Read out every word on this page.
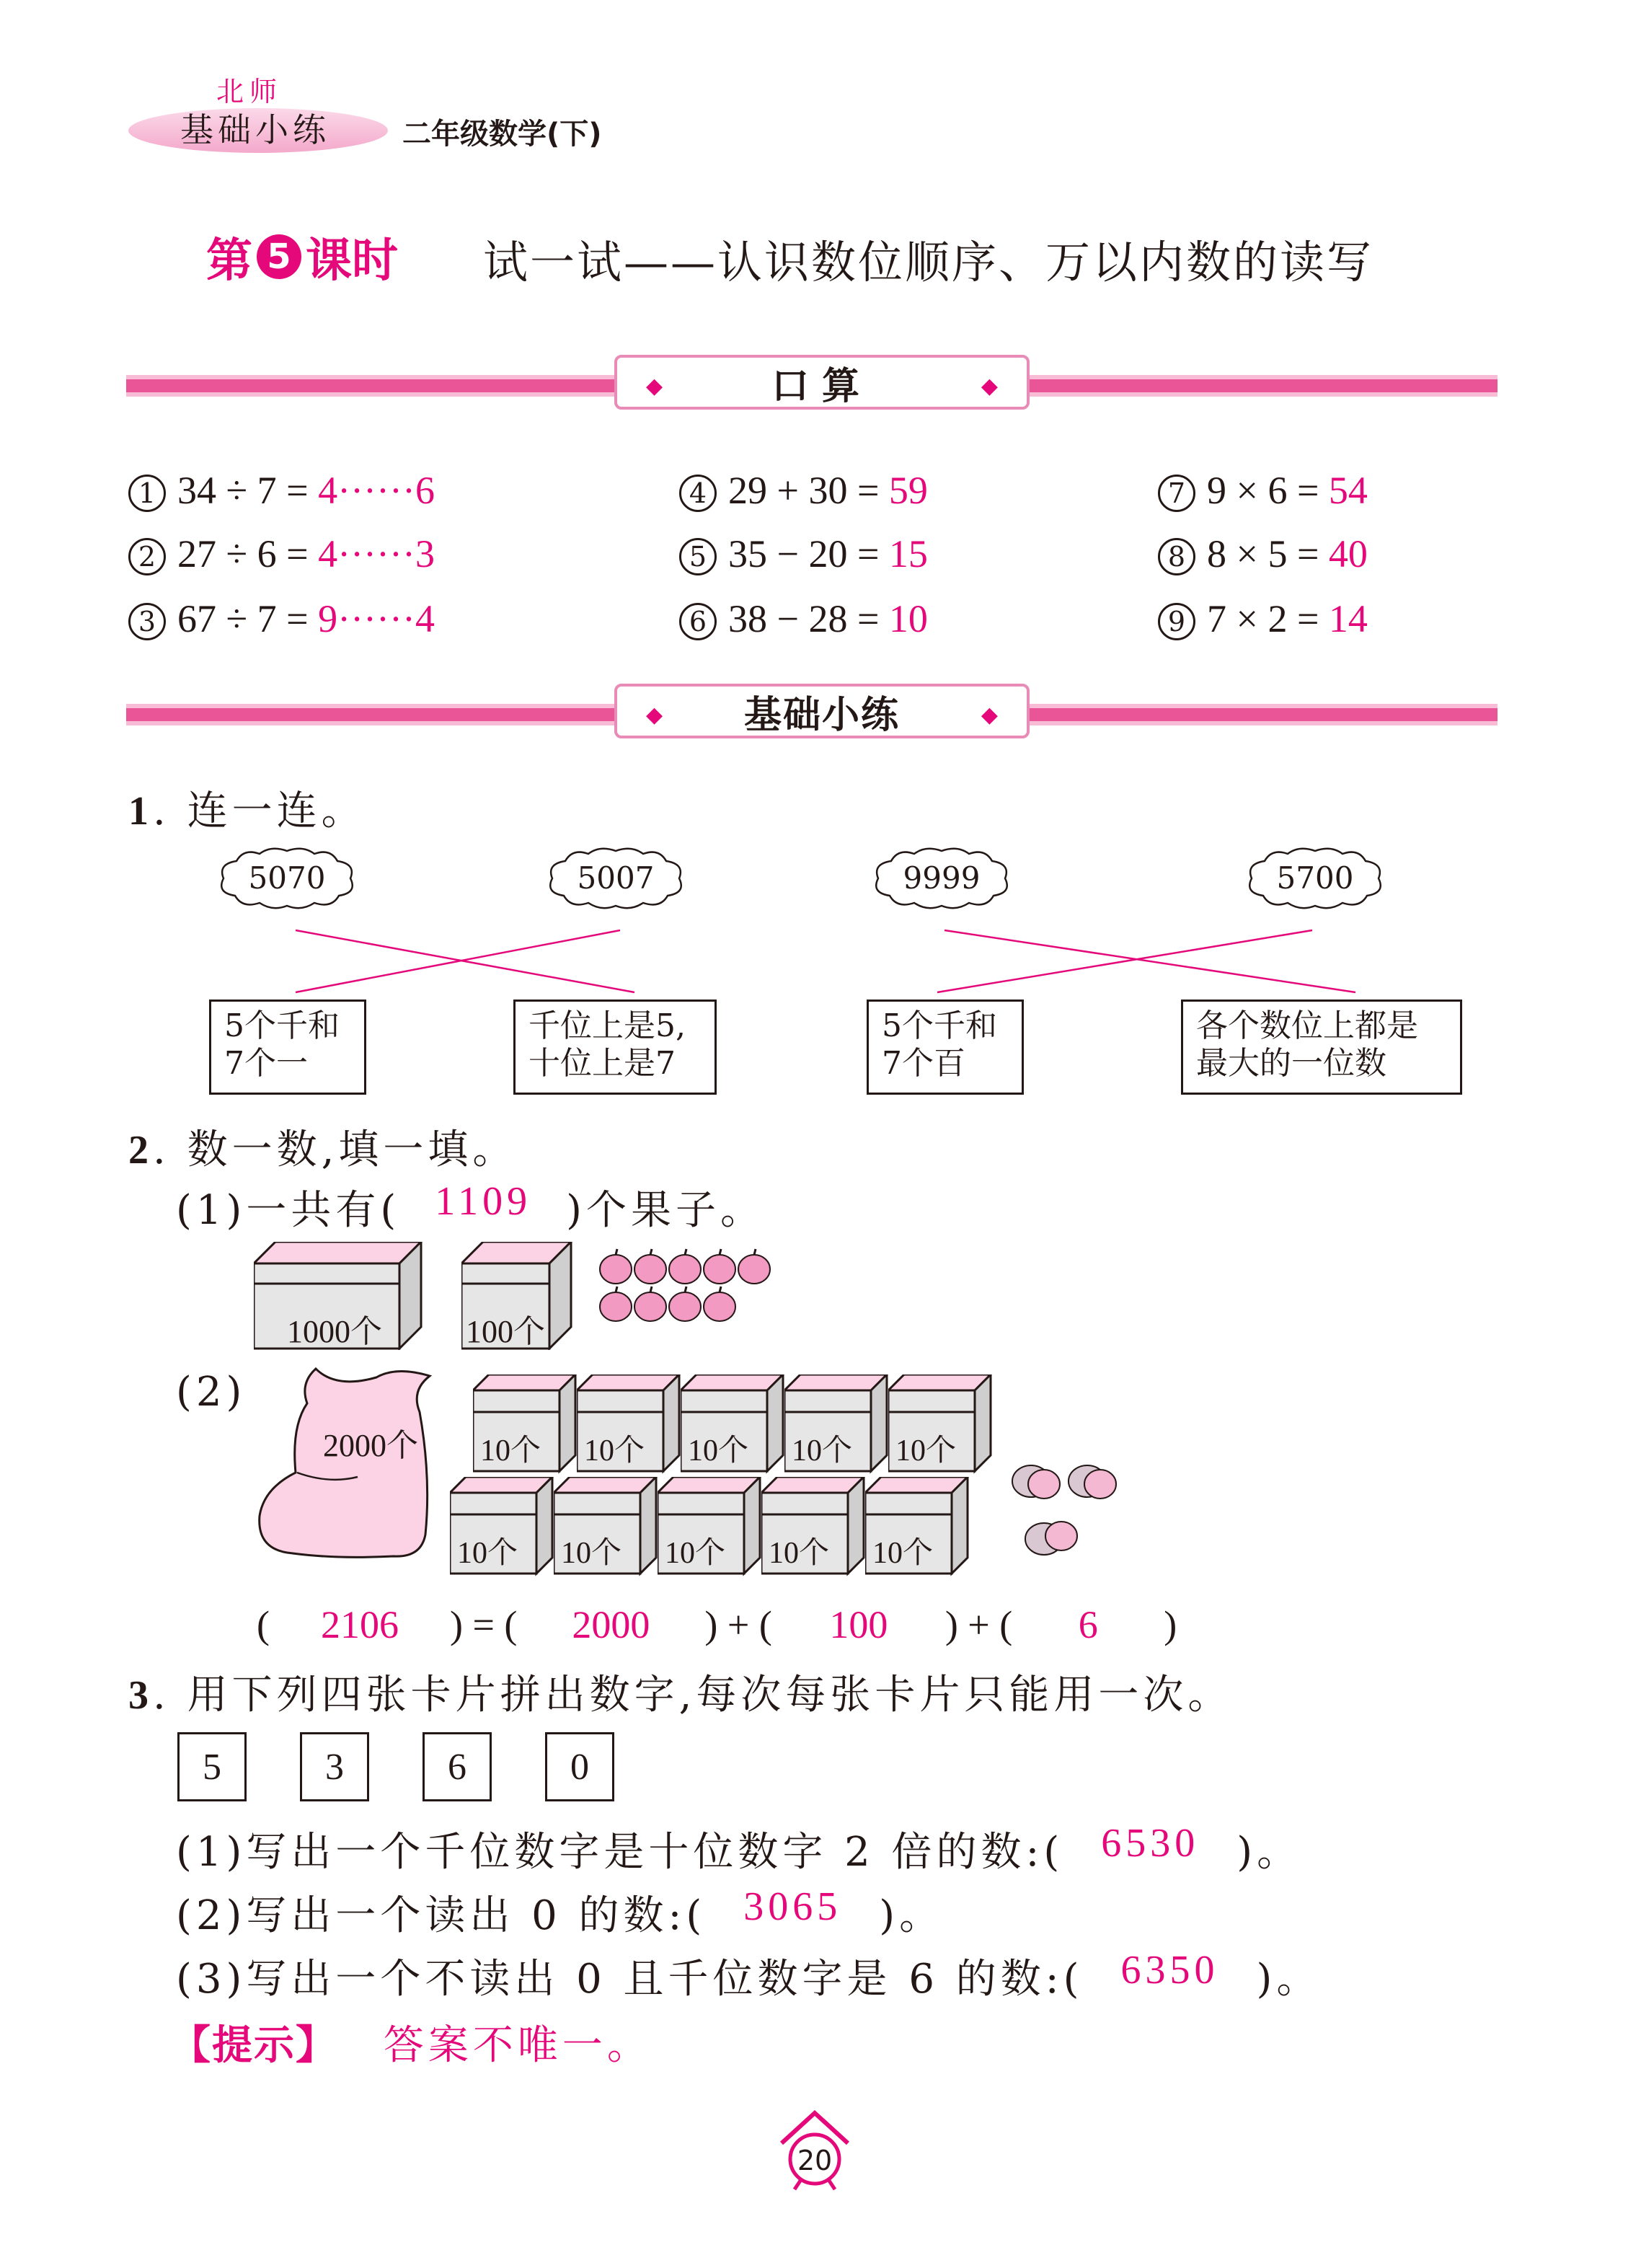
北师
基础小练	二年级数学(下)
第 5 课时 试一试——认识数位顺序、万以内数的读写
◆	口算	◆
1 34 ÷ 7 = 4······6
2 27 ÷ 6 = 4······3
3 67 ÷ 7 = 9······4
4 29 + 30 = 59
5 35 − 20 = 15
6 38 − 28 = 10
7 9 × 6 = 54
8 8 × 5 = 40
9 7 × 2 = 14
◆ 基础小练	◆
1. 连一连。
5070	5007	9999	5700
5个千和
7个一
千位上是5,
十位上是7
5个千和
7个百
各个数位上都是
最大的一位数
2. 数一数,填一填。
(1)一共有( 1109 )个果子。
1000个	100个
(2)
2000个 10个 10个 10个 10个 10个
10个 10个 10个 10个 10个
(	2106	) = (	2000	) + (	100	) + (	6	)
3. 用下列四张卡片拼出数字,每次每张卡片只能用一次。
5	3	6	0
(1)写出一个千位数字是十位数字 2 倍的数:( 6530 )。
(2)写出一个读出 0 的数:( 3065 )。
(3)写出一个不读出 0 且千位数字是 6 的数:( 6350 )。
【提示】 答案不唯一。
20
